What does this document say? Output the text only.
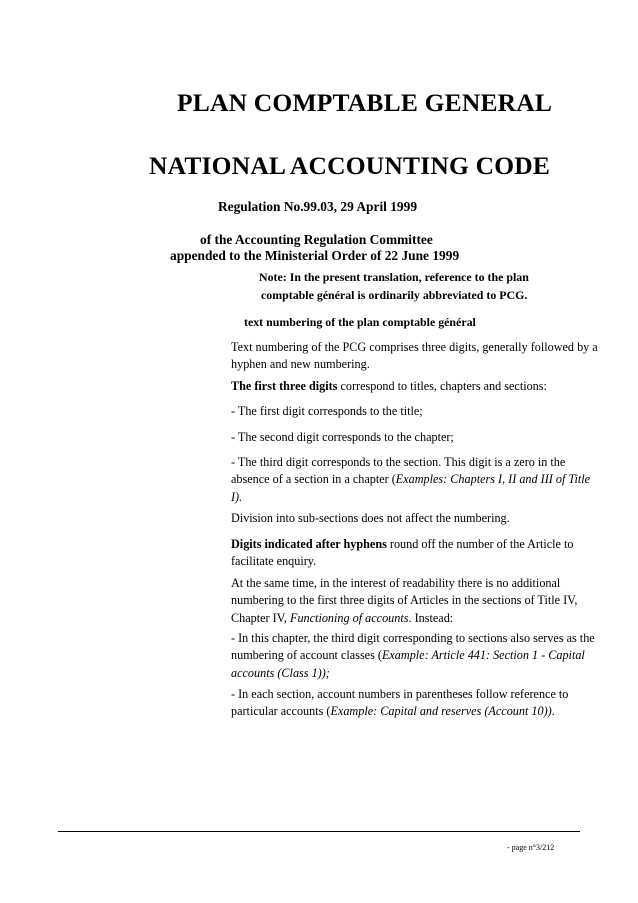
PLAN COMPTABLE GENERAL
NATIONAL ACCOUNTING CODE

Regulation No.99.03, 29 April 1999

of the Accounting Regulation Committee

appended to the Ministerial Order of 22 June 1999

Note: In the present translation, reference to the plan

comptable général is ordinarily abbreviated to PCG.

text numbering of the plan comptable général

Text numbering of the PCG comprises three digits, generally followed by a hyphen and new numbering.

The first three digits correspond to titles, chapters and sections:

- The first digit corresponds to the title;

- The second digit corresponds to the chapter;

- The third digit corresponds to the section. This digit is a zero in the absence of a section in a chapter (Examples: Chapters I, II and III of Title I).

Division into sub-sections does not affect the numbering.

Digits indicated after hyphens round off the number of the Article to facilitate enquiry.

At the same time, in the interest of readability there is no additional numbering to the first three digits of Articles in the sections of Title IV, Chapter IV, Functioning of accounts. Instead:

- In this chapter, the third digit corresponding to sections also serves as the numbering of account classes (Example: Article 441: Section 1 - Capital accounts (Class 1));

- In each section, account numbers in parentheses follow reference to particular accounts (Example: Capital and reserves (Account 10)).

- page n°3/212
